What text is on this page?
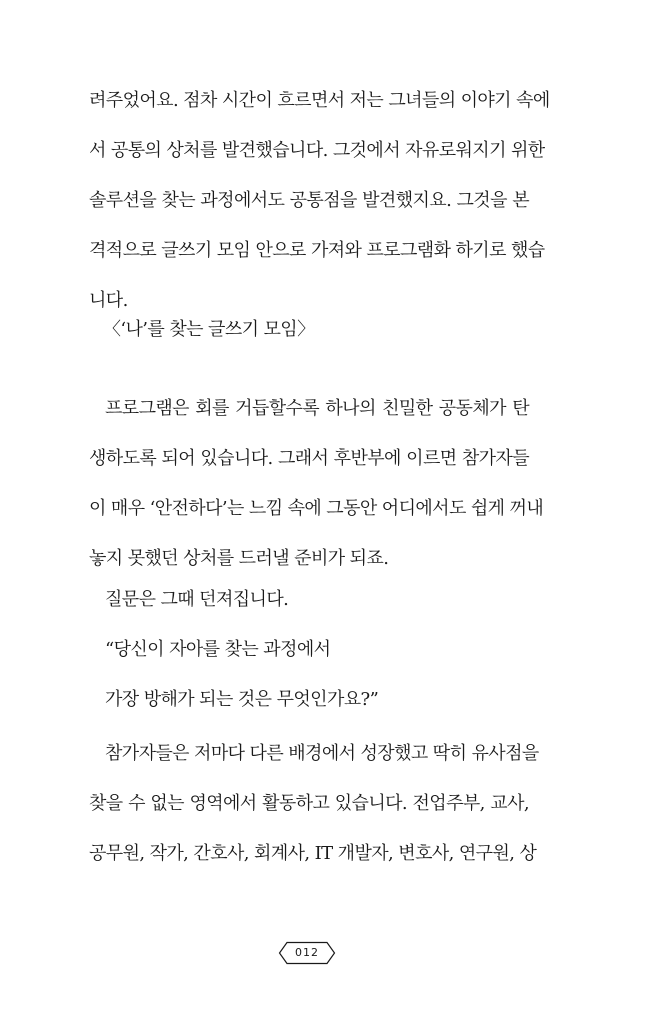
려주었어요. 점차 시간이 흐르면서 저는 그녀들의 이야기 속에
서 공통의 상처를 발견했습니다. 그것에서 자유로워지기 위한
솔루션을 찾는 과정에서도 공통점을 발견했지요. 그것을 본
격적으로 글쓰기 모임 안으로 가져와 프로그램화 하기로 했습
니다.
〈‘나’를 찾는 글쓰기 모임〉
프로그램은 회를 거듭할수록 하나의 친밀한 공동체가 탄
생하도록 되어 있습니다. 그래서 후반부에 이르면 참가자들
이 매우 ‘안전하다’는 느낌 속에 그동안 어디에서도 쉽게 꺼내
놓지 못했던 상처를 드러낼 준비가 되죠.
질문은 그때 던져집니다.
“당신이 자아를 찾는 과정에서
가장 방해가 되는 것은 무엇인가요?”
참가자들은 저마다 다른 배경에서 성장했고 딱히 유사점을
찾을 수 없는 영역에서 활동하고 있습니다. 전업주부, 교사,
공무원, 작가, 간호사, 회계사, IT 개발자, 변호사, 연구원, 상
012
